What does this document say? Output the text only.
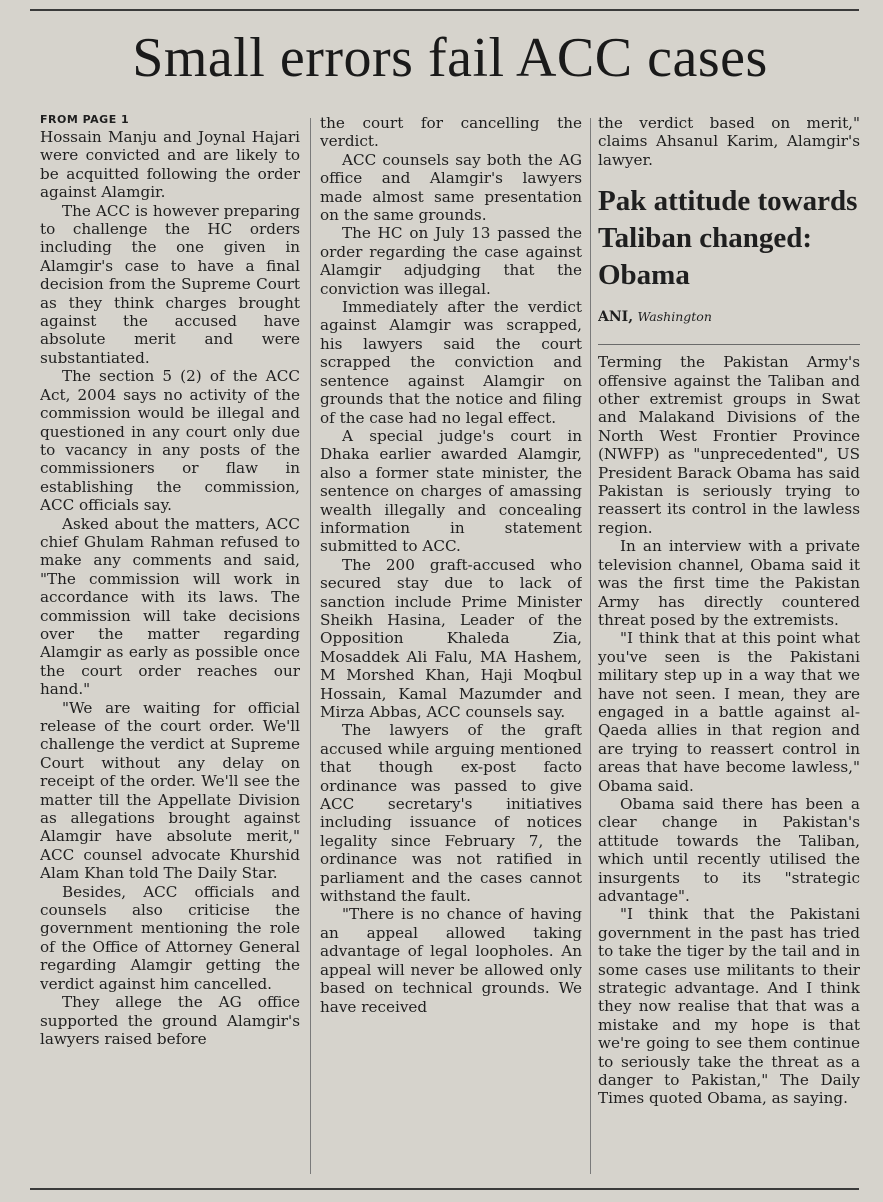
Small errors fail ACC cases
FROM PAGE 1

Hossain Manju and Joynal Hajari were convicted and are likely to be acquitted following the order against Alamgir.

The ACC is however preparing to challenge the HC orders including the one given in Alamgir's case to have a final decision from the Supreme Court as they think charges brought against the accused have absolute merit and were substantiated.

The section 5 (2) of the ACC Act, 2004 says no activity of the commission would be illegal and questioned in any court only due to vacancy in any posts of the commissioners or flaw in establishing the commission, ACC officials say.

Asked about the matters, ACC chief Ghulam Rahman refused to make any comments and said, "The commission will work in accordance with its laws. The commission will take decisions over the matter regarding Alamgir as early as possible once the court order reaches our hand."

"We are waiting for official release of the court order. We'll challenge the verdict at Supreme Court without any delay on receipt of the order. We'll see the matter till the Appellate Division as allegations brought against Alamgir have absolute merit," ACC counsel advocate Khurshid Alam Khan told The Daily Star.

Besides, ACC officials and counsels also criticise the government mentioning the role of the Office of Attorney General regarding Alamgir getting the verdict against him cancelled.

They allege the AG office supported the ground Alamgir's lawyers raised before

the court for cancelling the verdict.

ACC counsels say both the AG office and Alamgir's lawyers made almost same presentation on the same grounds.

The HC on July 13 passed the order regarding the case against Alamgir adjudging that the conviction was illegal.

Immediately after the verdict against Alamgir was scrapped, his lawyers said the court scrapped the conviction and sentence against Alamgir on grounds that the notice and filing of the case had no legal effect.

A special judge's court in Dhaka earlier awarded Alamgir, also a former state minister, the sentence on charges of amassing wealth illegally and concealing information in statement submitted to ACC.

The 200 graft-accused who secured stay due to lack of sanction include Prime Minister Sheikh Hasina, Leader of the Opposition Khaleda Zia, Mosaddek Ali Falu, MA Hashem, M Morshed Khan, Haji Moqbul Hossain, Kamal Mazumder and Mirza Abbas, ACC counsels say.

The lawyers of the graft accused while arguing mentioned that though ex-post facto ordinance was passed to give ACC secretary's initiatives including issuance of notices legality since February 7, the ordinance was not ratified in parliament and the cases cannot withstand the fault.

"There is no chance of having an appeal allowed taking advantage of legal loopholes. An appeal will never be allowed only based on technical grounds. We have received

the verdict based on merit," claims Ahsanul Karim, Alamgir's lawyer.

Pak attitude towards Taliban changed: Obama
ANI, Washington

Terming the Pakistan Army's offensive against the Taliban and other extremist groups in Swat and Malakand Divisions of the North West Frontier Province (NWFP) as "unprecedented", US President Barack Obama has said Pakistan is seriously trying to reassert its control in the lawless region.

In an interview with a private television channel, Obama said it was the first time the Pakistan Army has directly countered threat posed by the extremists.

"I think that at this point what you've seen is the Pakistani military step up in a way that we have not seen. I mean, they are engaged in a battle against al-Qaeda allies in that region and are trying to reassert control in areas that have become lawless," Obama said.

Obama said there has been a clear change in Pakistan's attitude towards the Taliban, which until recently utilised the insurgents to its "strategic advantage".

"I think that the Pakistani government in the past has tried to take the tiger by the tail and in some cases use militants to their strategic advantage. And I think they now realise that that was a mistake and my hope is that we're going to see them continue to seriously take the threat as a danger to Pakistan," The Daily Times quoted Obama, as saying.
